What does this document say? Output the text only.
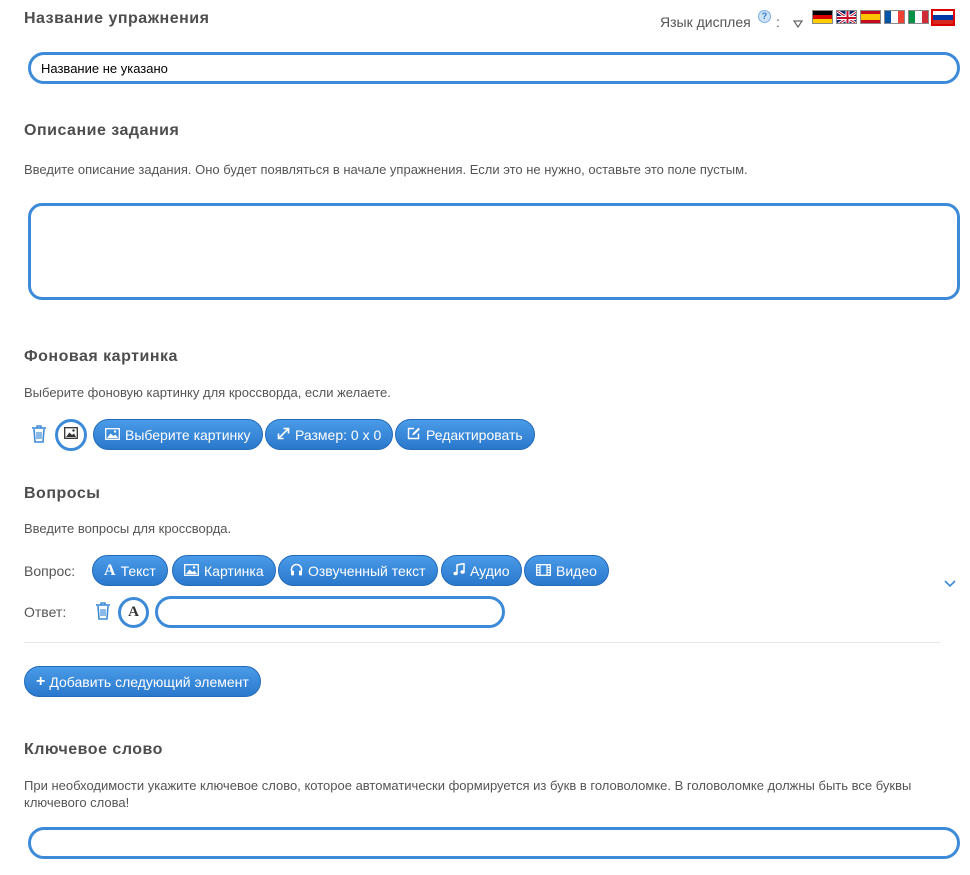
Название упражнения	Язык дисплея	? :
Название не указано
Описание задания

Введите описание задания. Оно будет появляться в начале упражнения. Если это не нужно, оставьте это поле пустым.

Фоновая картинка

Выберите фоновую картинку для кроссворда, если желаете.

Выберите картинку	Размер: 0 x 0	Редактировать
Вопросы

Введите вопросы для кроссворда.

Вопрос: A Текст	Картинка	Озвученный текст	Аудио	Видео
Ответ:	A
+ Добавить следующий элемент
Ключевое слово

При необходимости укажите ключевое слово, которое автоматически формируется из букв в головоломке. В головоломке должны быть все буквы ключевого слова!
